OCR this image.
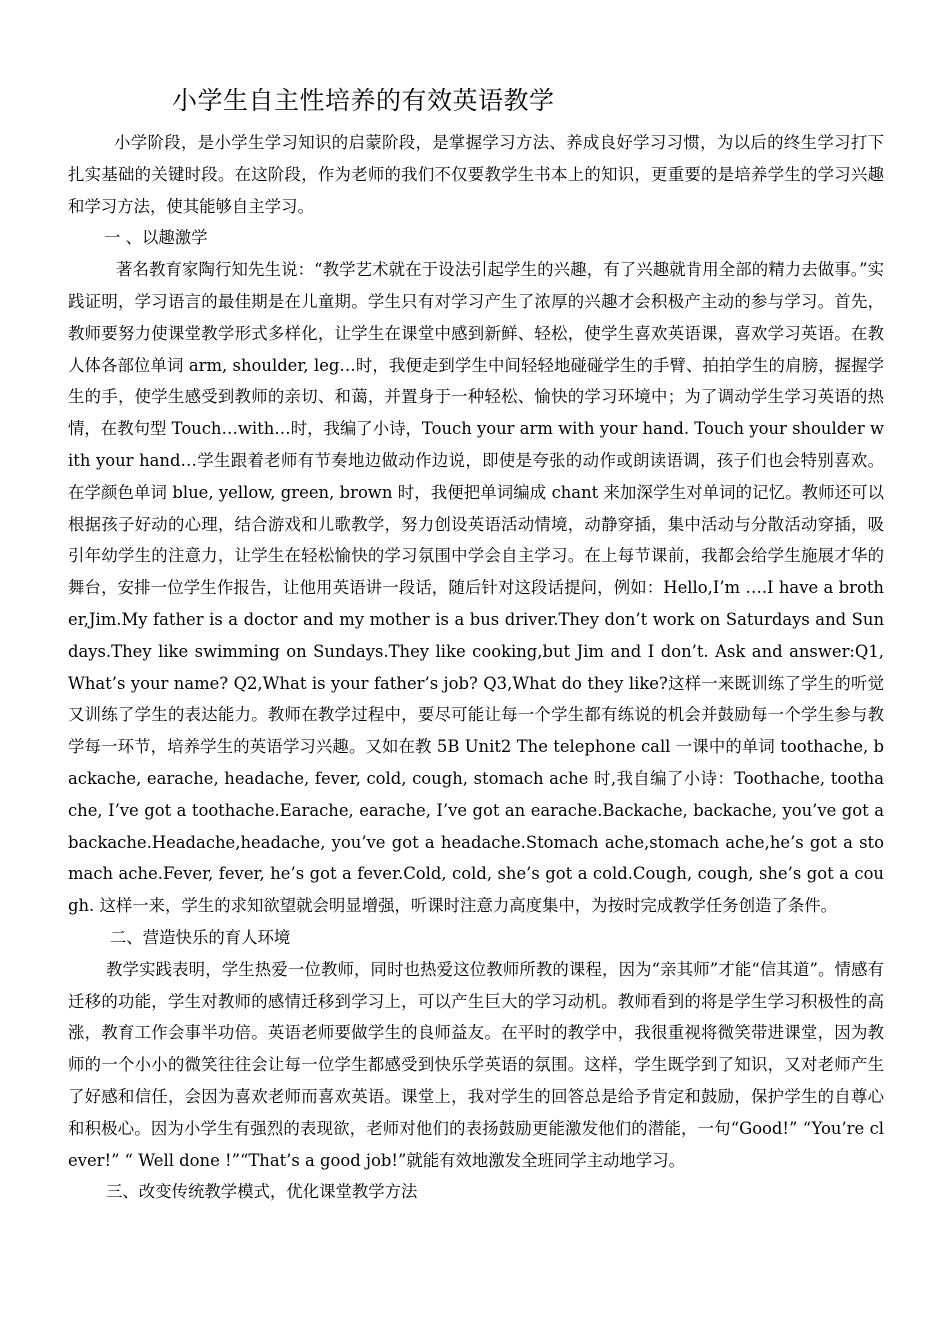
小学生自主性培养的有效英语教学

小学阶段，是小学生学习知识的启蒙阶段，是掌握学习方法、养成良好学习习惯，为以后的终生学习打下扎实基础的关键时段。在这阶段，作为老师的我们不仅要教学生书本上的知识，更重要的是培养学生的学习兴趣和学习方法，使其能够自主学习。

一 、以趣激学

著名教育家陶行知先生说：“教学艺术就在于设法引起学生的兴趣，有了兴趣就肯用全部的精力去做事。”实践证明，学习语言的最佳期是在儿童期。学生只有对学习产生了浓厚的兴趣才会积极产主动的参与学习。首先，教师要努力使课堂教学形式多样化，让学生在课堂中感到新鲜、轻松，使学生喜欢英语课，喜欢学习英语。在教人体各部位单词 arm, shoulder, leg…时，我便走到学生中间轻轻地碰碰学生的手臂、拍拍学生的肩膀，握握学生的手，使学生感受到教师的亲切、和蔼，并置身于一种轻松、愉快的学习环境中；为了调动学生学习英语的热情，在教句型 Touch…with…时，我编了小诗，Touch your arm with your hand. Touch your shoulder with your hand…学生跟着老师有节奏地边做动作边说，即使是夸张的动作或朗读语调，孩子们也会特别喜欢。在学颜色单词 blue, yellow, green, brown 时，我便把单词编成 chant 来加深学生对单词的记忆。教师还可以根据孩子好动的心理，结合游戏和儿歌教学，努力创设英语活动情境，动静穿插，集中活动与分散活动穿插，吸引年幼学生的注意力，让学生在轻松愉快的学习氛围中学会自主学习。在上每节课前，我都会给学生施展才华的舞台，安排一位学生作报告，让他用英语讲一段话，随后针对这段话提问，例如：Hello,I’m ….I have a brother,Jim.My father is a doctor and my mother is a bus driver.They don’t work on Saturdays and Sundays.They like swimming on Sundays.They like cooking,but Jim and I don’t. Ask and answer:Q1,What’s your name? Q2,What is your father’s job? Q3,What do they like?这样一来既训练了学生的听觉又训练了学生的表达能力。教师在教学过程中，要尽可能让每一个学生都有练说的机会并鼓励每一个学生参与教学每一环节，培养学生的英语学习兴趣。又如在教 5B Unit2 The telephone call 一课中的单词 toothache, backache, earache, headache, fever, cold, cough, stomach ache 时,我自编了小诗：Toothache, toothache, I’ve got a toothache.Earache, earache, I’ve got an earache.Backache, backache, you’ve got a backache.Headache,headache, you’ve got a headache.Stomach ache,stomach ache,he’s got a stomach ache.Fever, fever, he’s got a fever.Cold, cold, she’s got a cold.Cough, cough, she’s got a cough. 这样一来，学生的求知欲望就会明显增强，听课时注意力高度集中，为按时完成教学任务创造了条件。

二、营造快乐的育人环境

教学实践表明，学生热爱一位教师，同时也热爱这位教师所教的课程，因为“亲其师”才能“信其道”。情感有迁移的功能，学生对教师的感情迁移到学习上，可以产生巨大的学习动机。教师看到的将是学生学习积极性的高涨，教育工作会事半功倍。英语老师要做学生的良师益友。在平时的教学中，我很重视将微笑带进课堂，因为教师的一个小小的微笑往往会让每一位学生都感受到快乐学英语的氛围。这样，学生既学到了知识，又对老师产生了好感和信任，会因为喜欢老师而喜欢英语。课堂上，我对学生的回答总是给予肯定和鼓励，保护学生的自尊心和积极心。因为小学生有强烈的表现欲，老师对他们的表扬鼓励更能激发他们的潜能，一句“Good!” “You’re clever!” “ Well done !”“That’s a good job!”就能有效地激发全班同学主动地学习。

三、改变传统教学模式，优化课堂教学方法
